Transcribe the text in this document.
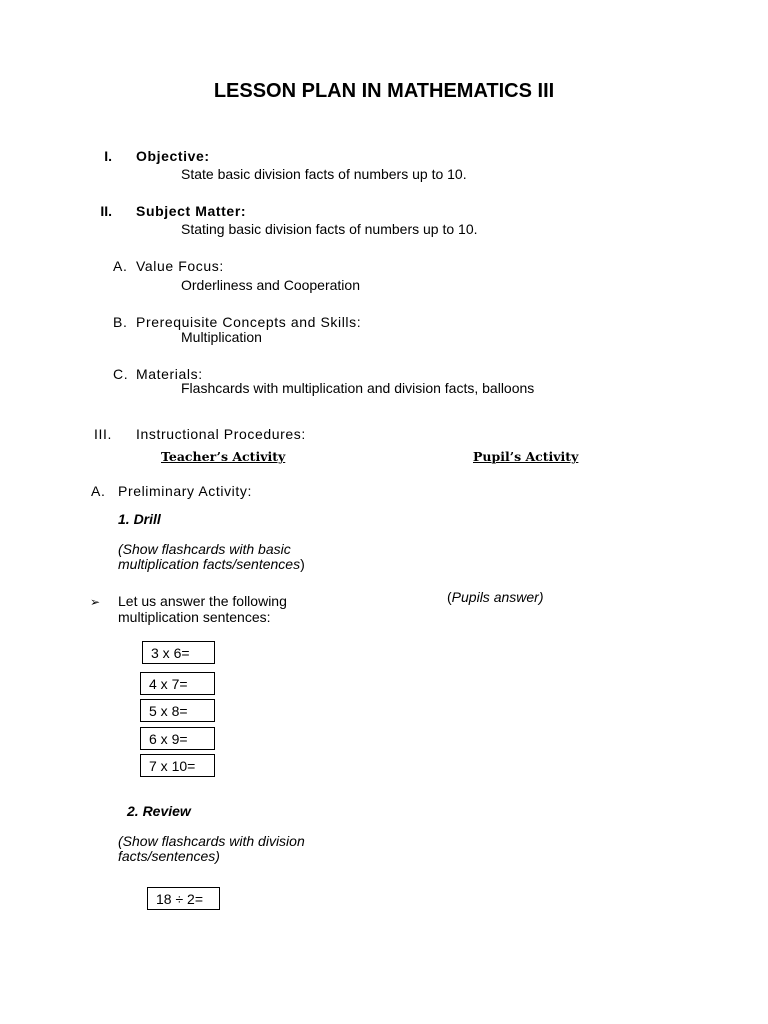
LESSON PLAN IN MATHEMATICS III
I. Objective:
State basic division facts of numbers up to 10.
II. Subject Matter:
Stating basic division facts of numbers up to 10.
A. Value Focus:
Orderliness and Cooperation
B. Prerequisite Concepts and Skills:
Multiplication
C. Materials:
Flashcards with multiplication and division facts, balloons
III. Instructional Procedures:
Teacher’s Activity	Pupil’s Activity
A. Preliminary Activity:
1. Drill
(Show flashcards with basic
multiplication facts/sentences)
➢ Let us answer the following
multiplication sentences:
(Pupils answer)
3 x 6=
4 x 7=
5 x 8=
6 x 9=
7 x 10=
2. Review
(Show flashcards with division
facts/sentences)
18 ÷ 2=
